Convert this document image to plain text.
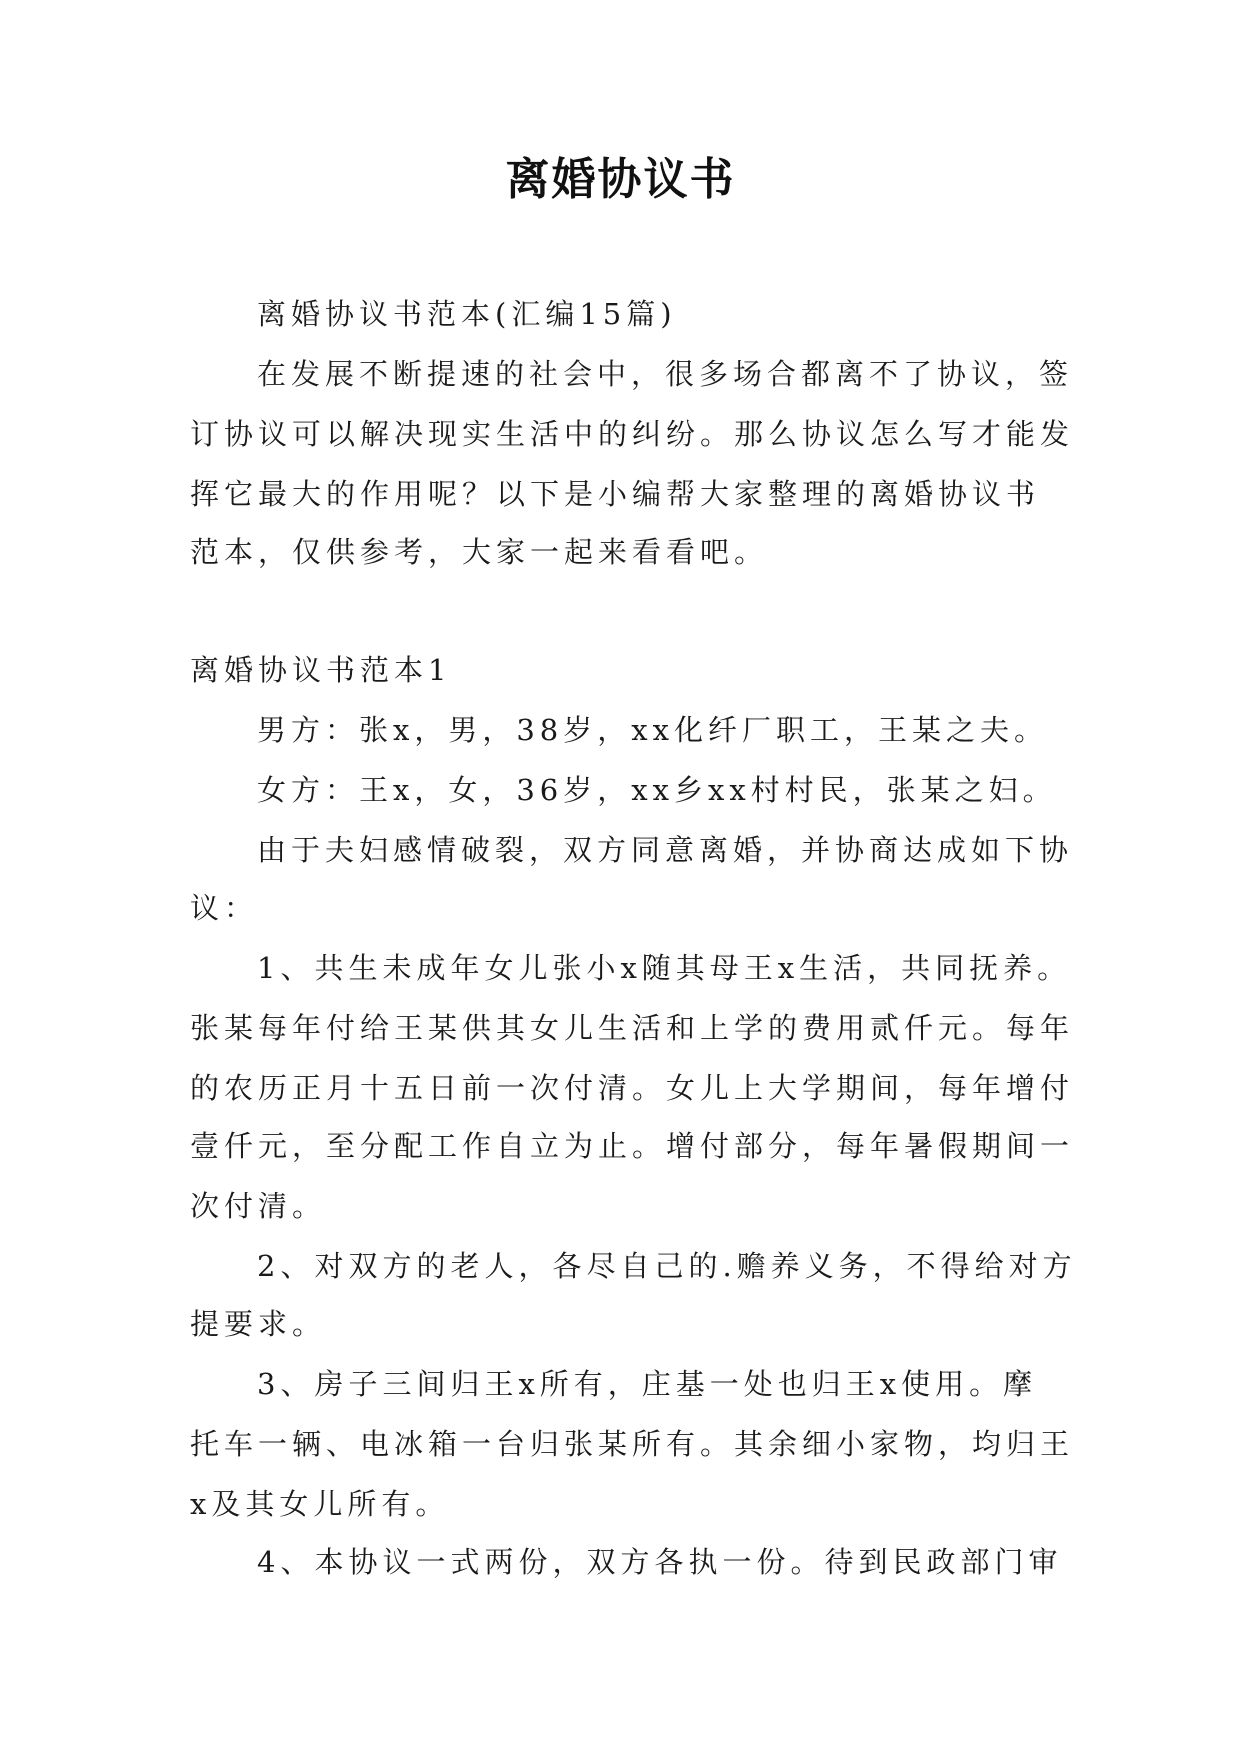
离婚协议书
离婚协议书范本(汇编15篇)
在发展不断提速的社会中，很多场合都离不了协议，签
订协议可以解决现实生活中的纠纷。那么协议怎么写才能发
挥它最大的作用呢？以下是小编帮大家整理的离婚协议书
范本，仅供参考，大家一起来看看吧。
离婚协议书范本1
男方：张x，男，38岁，xx化纤厂职工，王某之夫。
女方：王x，女，36岁，xx乡xx村村民，张某之妇。
由于夫妇感情破裂，双方同意离婚，并协商达成如下协
议：
1、共生未成年女儿张小x随其母王x生活，共同抚养。
张某每年付给王某供其女儿生活和上学的费用贰仟元。每年
的农历正月十五日前一次付清。女儿上大学期间，每年增付
壹仟元，至分配工作自立为止。增付部分，每年暑假期间一
次付清。
2、对双方的老人，各尽自己的.赡养义务，不得给对方
提要求。
3、房子三间归王x所有，庄基一处也归王x使用。摩
托车一辆、电冰箱一台归张某所有。其余细小家物，均归王
x及其女儿所有。
4、本协议一式两份，双方各执一份。待到民政部门审
